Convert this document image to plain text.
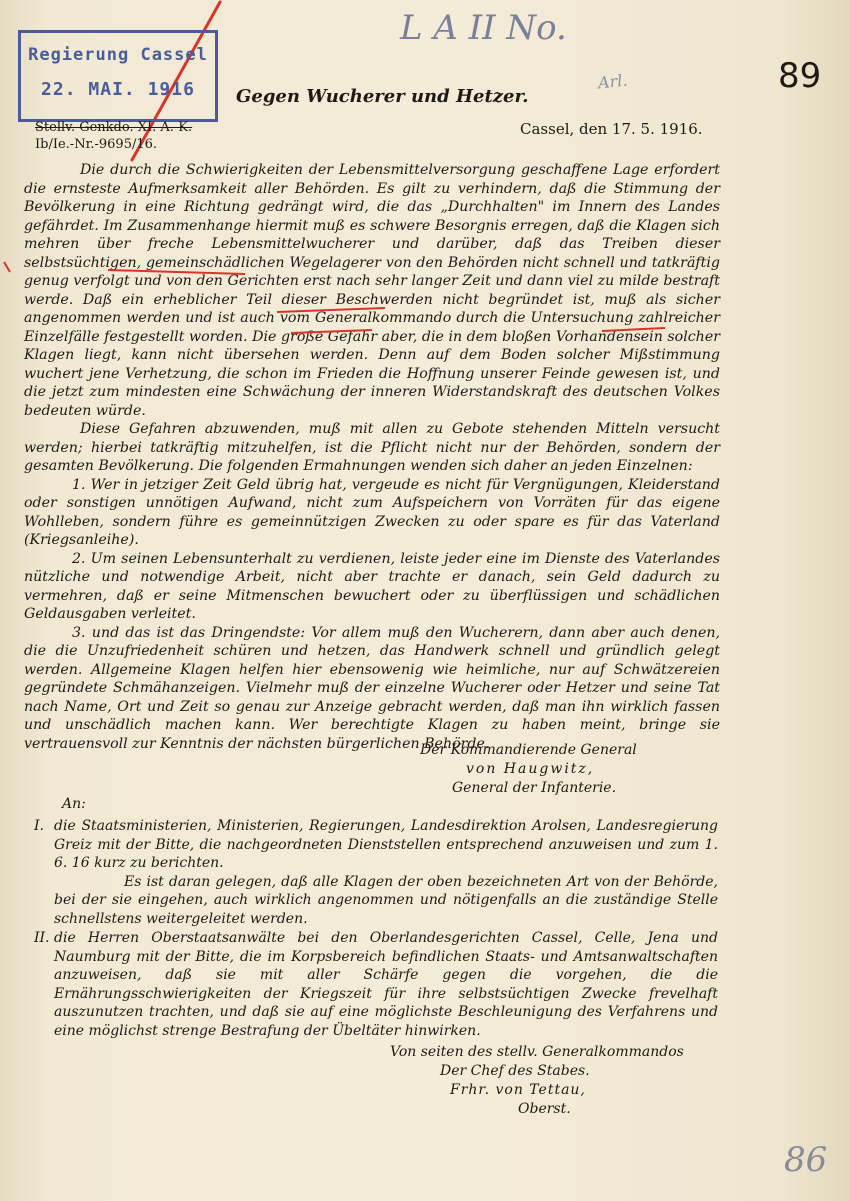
Regierung Cassel
22. MAI. 1916
L A II No.
Arl.	89
Gegen Wucherer und Hetzer.
Stellv. Genkdo. XI. A.-K.
Ib/Ie.-Nr.-9695/16.
Cassel, den 17. 5. 1916.

Die durch die Schwierigkeiten der Lebensmittelversorgung geschaffene Lage erfordert die ernsteste Aufmerksamkeit aller Behörden. Es gilt zu verhindern, daß die Stimmung der Bevölkerung in eine Richtung gedrängt wird, die das „Durchhalten" im Innern des Landes gefährdet. Im Zusammenhange hiermit muß es schwere Besorgnis erregen, daß die Klagen sich mehren über freche Lebensmittelwucherer und darüber, daß das Treiben dieser selbstsüchtigen, gemeinschädlichen Wegelagerer von den Behörden nicht schnell und tatkräftig genug verfolgt und von den Gerichten erst nach sehr langer Zeit und dann viel zu milde bestraft werde. Daß ein erheblicher Teil dieser Beschwerden nicht begründet ist, muß als sicher angenommen werden und ist auch vom Generalkommando durch die Untersuchung zahlreicher Einzelfälle festgestellt worden. Die große Gefahr aber, die in dem bloßen Vorhandensein solcher Klagen liegt, kann nicht übersehen werden. Denn auf dem Boden solcher Mißstimmung wuchert jene Verhetzung, die schon im Frieden die Hoffnung unserer Feinde gewesen ist, und die jetzt zum mindesten eine Schwächung der inneren Widerstandskraft des deutschen Volkes bedeuten würde.

Diese Gefahren abzuwenden, muß mit allen zu Gebote stehenden Mitteln versucht werden; hierbei tatkräftig mitzuhelfen, ist die Pflicht nicht nur der Behörden, sondern der gesamten Bevölkerung. Die folgenden Ermahnungen wenden sich daher an jeden Einzelnen:

1. Wer in jetziger Zeit Geld übrig hat, vergeude es nicht für Vergnügungen, Kleiderstand oder sonstigen unnötigen Aufwand, nicht zum Aufspeichern von Vorräten für das eigene Wohlleben, sondern führe es gemeinnützigen Zwecken zu oder spare es für das Vaterland (Kriegsanleihe).

2. Um seinen Lebensunterhalt zu verdienen, leiste jeder eine im Dienste des Vaterlandes nützliche und notwendige Arbeit, nicht aber trachte er danach, sein Geld dadurch zu vermehren, daß er seine Mitmenschen bewuchert oder zu überflüssigen und schädlichen Geldausgaben verleitet.

3. und das ist das Dringendste: Vor allem muß den Wucherern, dann aber auch denen, die die Unzufriedenheit schüren und hetzen, das Handwerk schnell und gründlich gelegt werden. Allgemeine Klagen helfen hier ebensowenig wie heimliche, nur auf Schwätzereien gegründete Schmähanzeigen. Vielmehr muß der einzelne Wucherer oder Hetzer und seine Tat nach Name, Ort und Zeit so genau zur Anzeige gebracht werden, daß man ihn wirklich fassen und unschädlich machen kann. Wer berechtigte Klagen zu haben meint, bringe sie vertrauensvoll zur Kenntnis der nächsten bürgerlichen Behörde.

Der Kommandierende General
von Haugwitz,
General der Infanterie.
An:
I. die Staatsministerien, Ministerien, Regierungen, Landesdirektion Arolsen, Landesregierung Greiz mit der Bitte, die nachgeordneten Dienststellen entsprechend anzuweisen und zum 1. 6. 16 kurz zu berichten.
Es ist daran gelegen, daß alle Klagen der oben bezeichneten Art von der Behörde, bei der sie eingehen, auch wirklich angenommen und nötigenfalls an die zuständige Stelle schnellstens weitergeleitet werden.
II. die Herren Oberstaatsanwälte bei den Oberlandesgerichten Cassel, Celle, Jena und Naumburg mit der Bitte, die im Korpsbereich befindlichen Staats- und Amtsanwaltschaften anzuweisen, daß sie mit aller Schärfe gegen die vorgehen, die die Ernährungsschwierigkeiten der Kriegszeit für ihre selbstsüchtigen Zwecke frevelhaft auszunutzen trachten, und daß sie auf eine möglichste Beschleunigung des Verfahrens und eine möglichst strenge Bestrafung der Übeltäter hinwirken.
Von seiten des stellv. Generalkommandos
Der Chef des Stabes.
Frhr. von Tettau,
Oberst.
86
